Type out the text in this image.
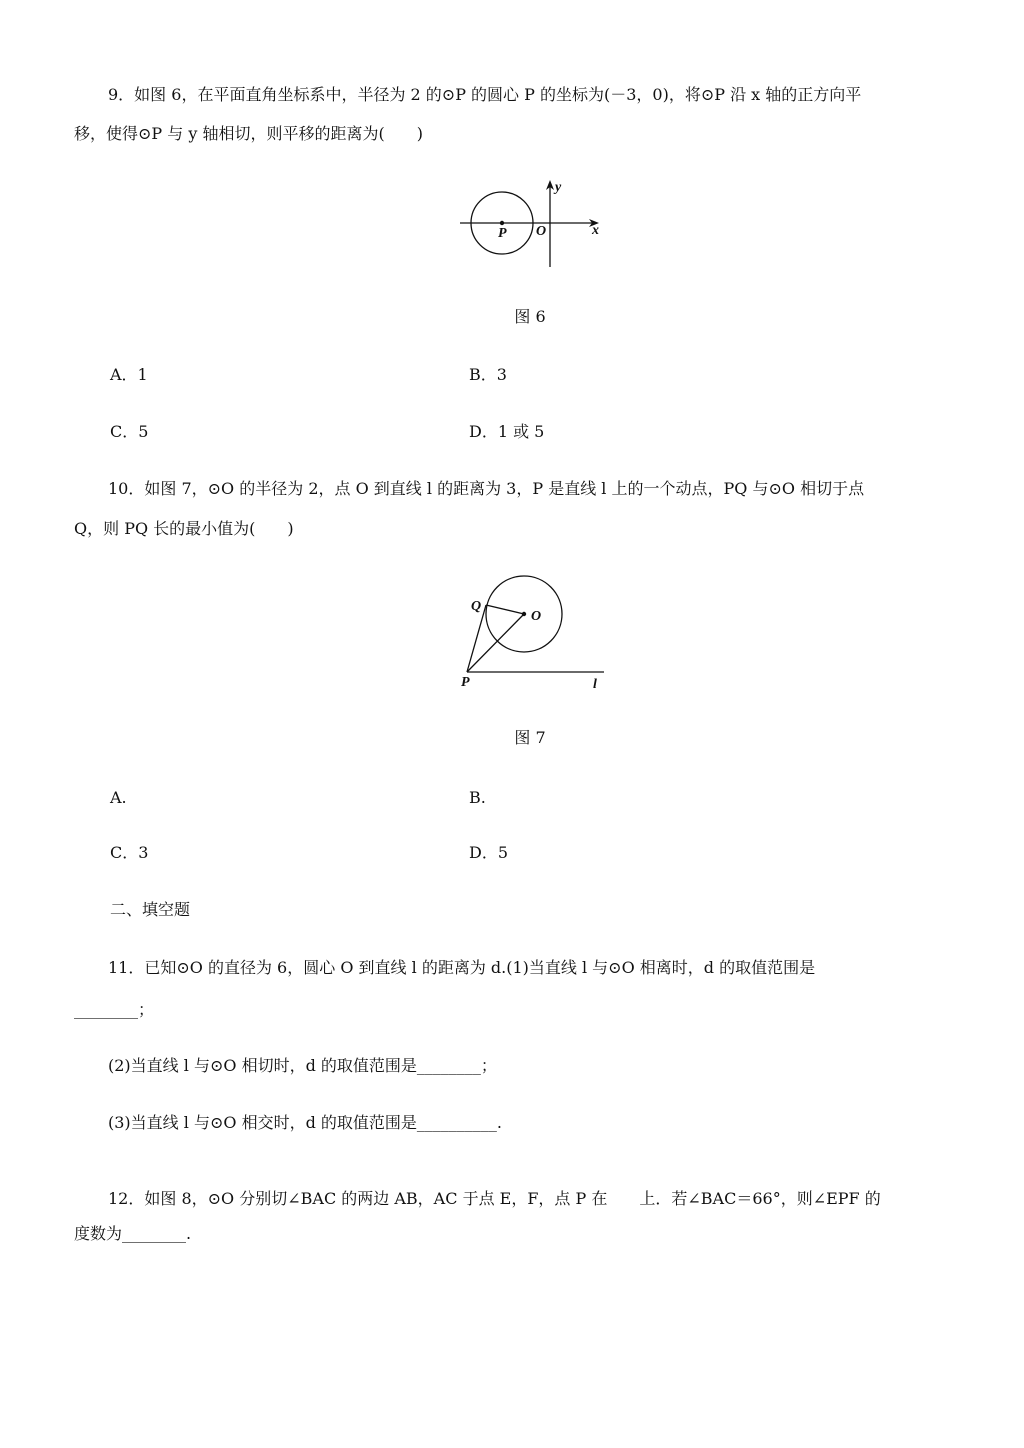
9．如图 6，在平面直角坐标系中，半径为 2 的⊙P 的圆心 P 的坐标为(－3，0)，将⊙P 沿 x 轴的正方向平
移，使得⊙P 与 y 轴相切，则平移的距离为(　　)
y
x
P O
图 6
A．1	B．3
C．5	D．1 或 5
10．如图 7，⊙O 的半径为 2，点 O 到直线 l 的距离为 3，P 是直线 l 上的一个动点，PQ 与⊙O 相切于点
Q，则 PQ 长的最小值为(　　)
Q
O
P	l
图 7
A.	B.
C．3	D．5
二、填空题
11．已知⊙O 的直径为 6，圆心 O 到直线 l 的距离为 d.(1)当直线 l 与⊙O 相离时，d 的取值范围是
________；
(2)当直线 l 与⊙O 相切时，d 的取值范围是________；
(3)当直线 l 与⊙O 相交时，d 的取值范围是__________.
12．如图 8，⊙O 分别切∠BAC 的两边 AB，AC 于点 E，F，点 P 在　　上．若∠BAC＝66°，则∠EPF 的
度数为________.
